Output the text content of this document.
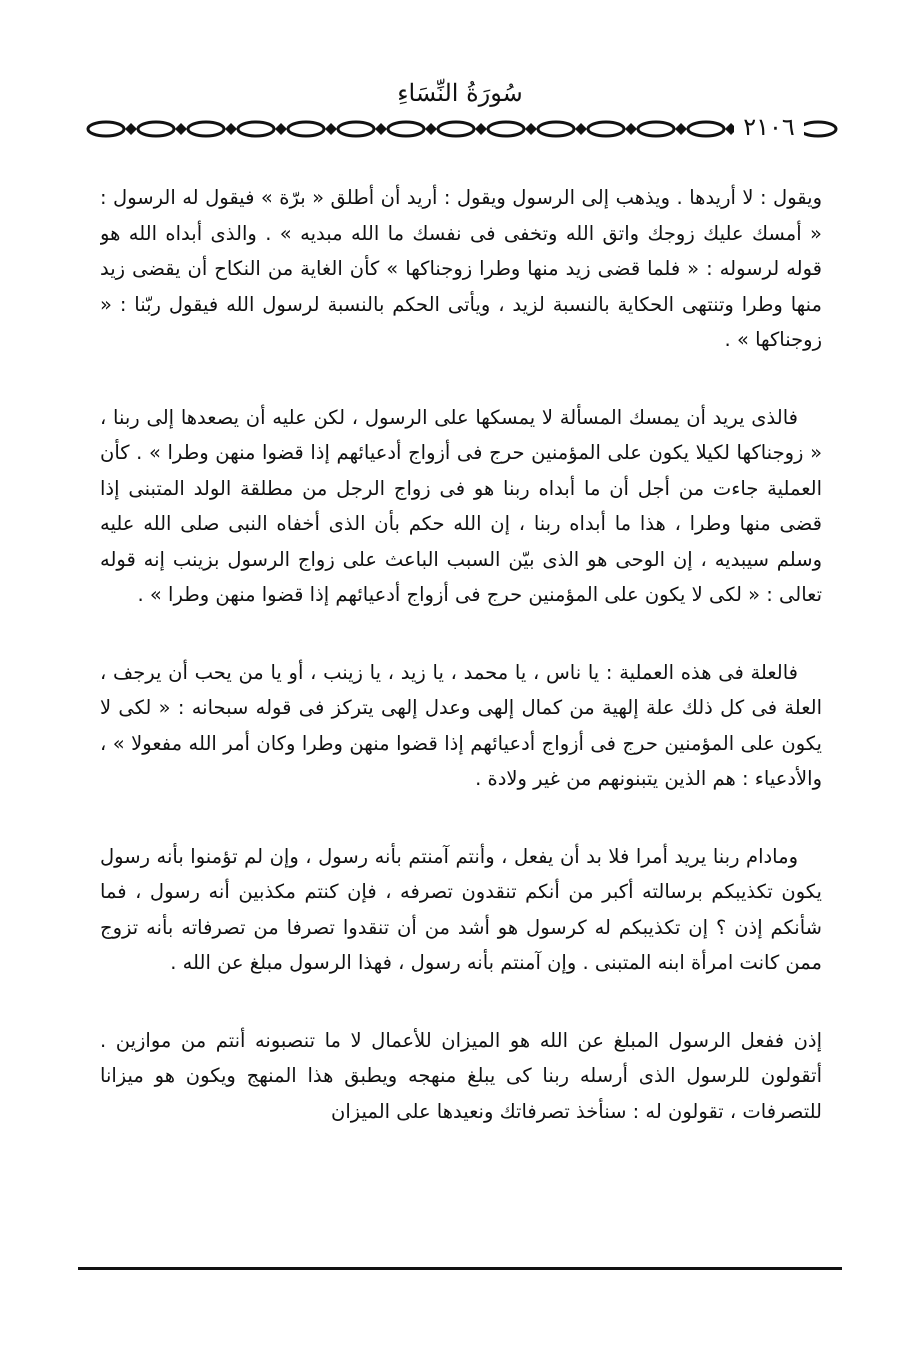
سُورَةُ النِّسَاءِ
٢١٠٦

ويقول : لا أريدها . ويذهب إلى الرسول ويقول : أريد أن أطلق « برّة » فيقول له الرسول : « أمسك عليك زوجك واتق الله وتخفى فى نفسك ما الله مبديه » . والذى أبداه الله هو قوله لرسوله : « فلما قضى زيد منها وطرا زوجناكها » كأن الغاية من النكاح أن يقضى زيد منها وطرا وتنتهى الحكاية بالنسبة لزيد ، ويأتى الحكم بالنسبة لرسول الله فيقول ربّنا : « زوجناكها » .

فالذى يريد أن يمسك المسألة لا يمسكها على الرسول ، لكن عليه أن يصعدها إلى ربنا ، « زوجناكها لكيلا يكون على المؤمنين حرج فى أزواج أدعيائهم إذا قضوا منهن وطرا » . كأن العملية جاءت من أجل أن ما أبداه ربنا هو فى زواج الرجل من مطلقة الولد المتبنى إذا قضى منها وطرا ، هذا ما أبداه ربنا ، إن الله حكم بأن الذى أخفاه النبى صلى الله عليه وسلم سيبديه ، إن الوحى هو الذى بيّن السبب الباعث على زواج الرسول بزينب إنه قوله تعالى : « لكى لا يكون على المؤمنين حرج فى أزواج أدعيائهم إذا قضوا منهن وطرا » .

فالعلة فى هذه العملية : يا ناس ، يا محمد ، يا زيد ، يا زينب ، أو يا من يحب أن يرجف ، العلة فى كل ذلك علة إلهية من كمال إلهى وعدل إلهى يتركز فى قوله سبحانه : « لكى لا يكون على المؤمنين حرج فى أزواج أدعيائهم إذا قضوا منهن وطرا وكان أمر الله مفعولا » ، والأدعياء : هم الذين يتبنونهم من غير ولادة .

ومادام ربنا يريد أمرا فلا بد أن يفعل ، وأنتم آمنتم بأنه رسول ، وإن لم تؤمنوا بأنه رسول يكون تكذيبكم برسالته أكبر من أنكم تنقدون تصرفه ، فإن كنتم مكذبين أنه رسول ، فما شأنكم إذن ؟ إن تكذيبكم له كرسول هو أشد من أن تنقدوا تصرفا من تصرفاته بأنه تزوج ممن كانت امرأة ابنه المتبنى . وإن آمنتم بأنه رسول ، فهذا الرسول مبلغ عن الله .

إذن ففعل الرسول المبلغ عن الله هو الميزان للأعمال لا ما تنصبونه أنتم من موازين . أتقولون للرسول الذى أرسله ربنا كى يبلغ منهجه ويطبق هذا المنهج ويكون هو ميزانا للتصرفات ، تقولون له : سنأخذ تصرفاتك ونعيدها على الميزان
